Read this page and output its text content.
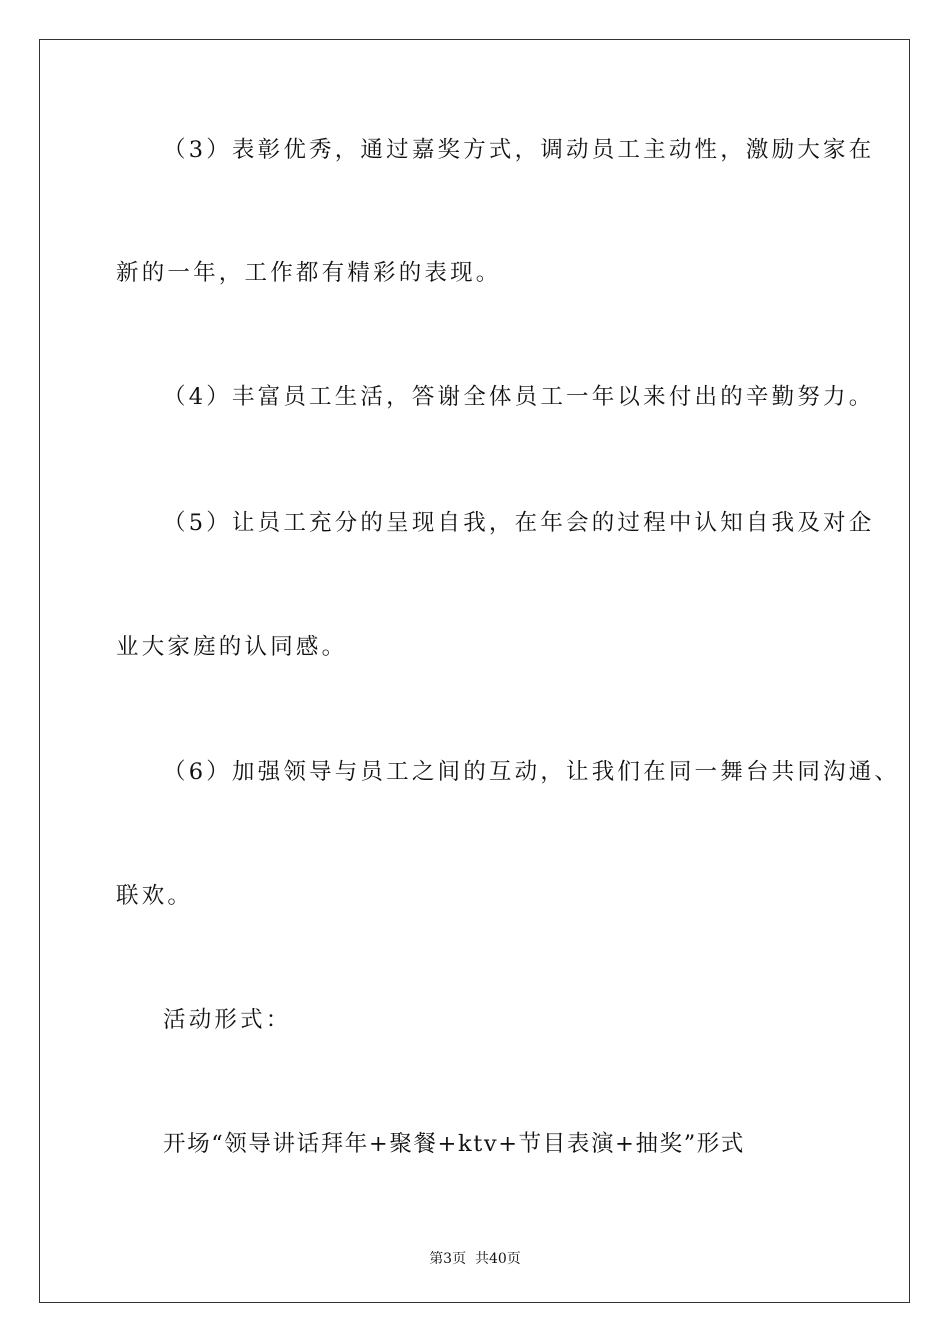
（3）表彰优秀，通过嘉奖方式，调动员工主动性，激励大家在
新的一年，工作都有精彩的表现。
（4）丰富员工生活，答谢全体员工一年以来付出的辛勤努力。
（5）让员工充分的呈现自我，在年会的过程中认知自我及对企
业大家庭的认同感。
（6）加强领导与员工之间的互动，让我们在同一舞台共同沟通、
联欢。
活动形式：
开场“领导讲话拜年+聚餐+ktv+节目表演+抽奖”形式
第3页  共40页
